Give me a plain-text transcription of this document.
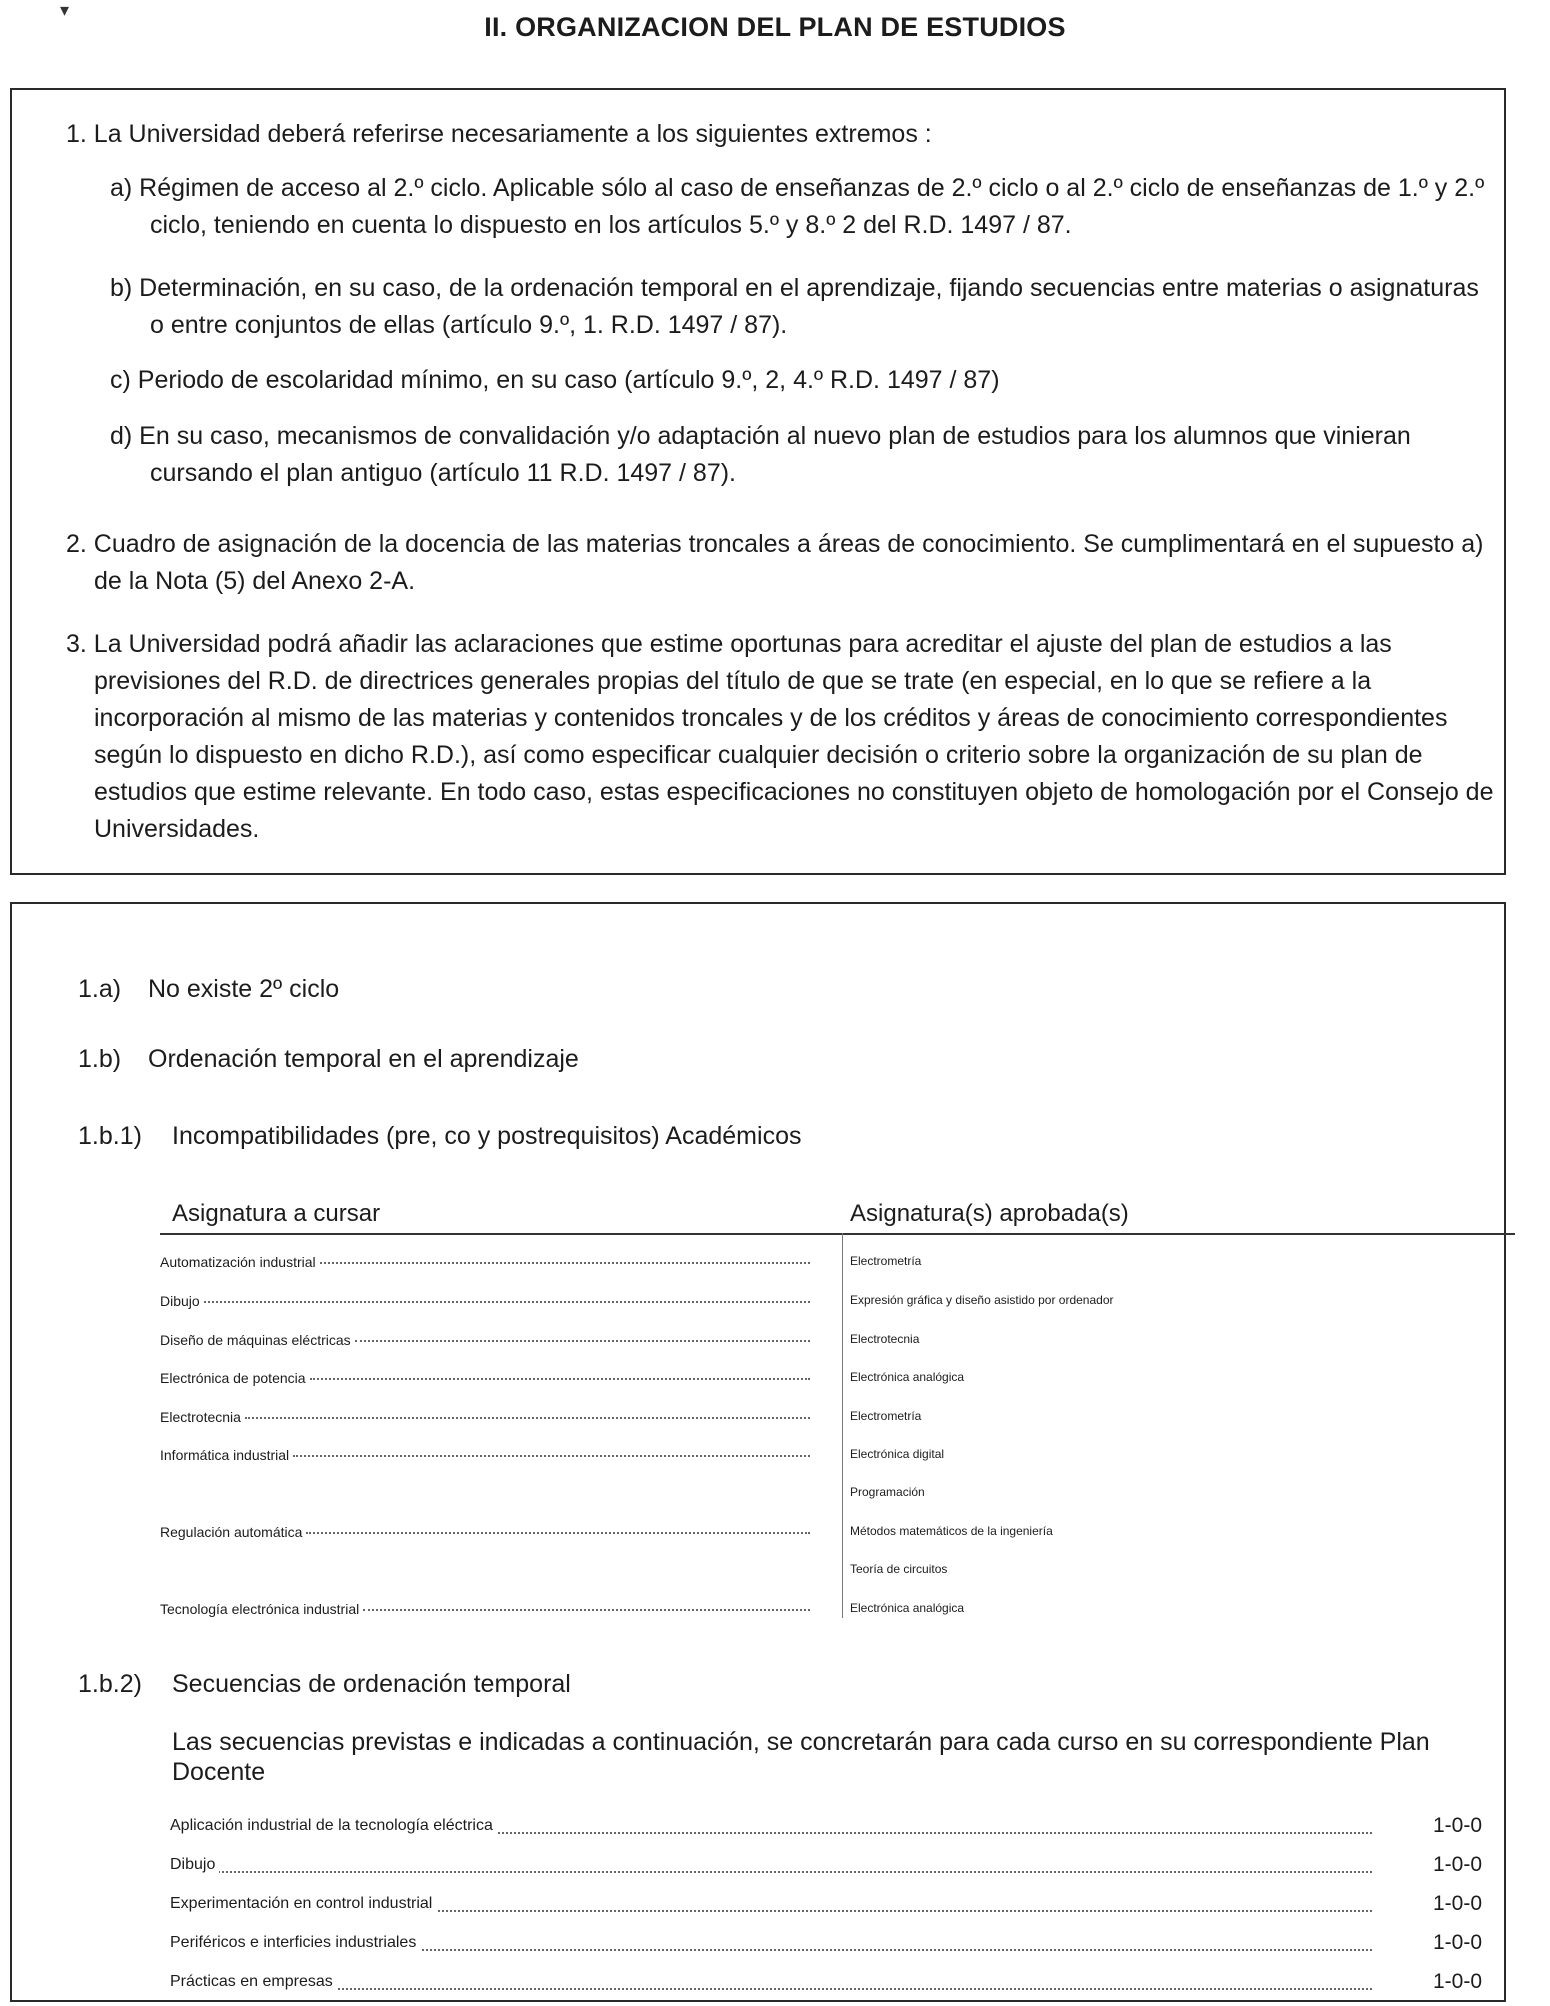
▾
II. ORGANIZACION DEL PLAN DE ESTUDIOS
1. La Universidad deberá referirse necesariamente a los siguientes extremos :
a) Régimen de acceso al 2.º ciclo. Aplicable sólo al caso de enseñanzas de 2.º ciclo o al 2.º ciclo de enseñanzas de 1.º y 2.º ciclo, teniendo en cuenta lo dispuesto en los artículos 5.º y 8.º 2 del R.D. 1497 / 87.
b) Determinación, en su caso, de la ordenación temporal en el aprendizaje, fijando secuencias entre materias o asignaturas o entre conjuntos de ellas (artículo 9.º, 1. R.D. 1497 / 87).
c) Periodo de escolaridad mínimo, en su caso (artículo 9.º, 2, 4.º R.D. 1497 / 87)
d) En su caso, mecanismos de convalidación y/o adaptación al nuevo plan de estudios para los alumnos que vinieran cursando el plan antiguo (artículo 11 R.D. 1497 / 87).
2. Cuadro de asignación de la docencia de las materias troncales a áreas de conocimiento. Se cumplimentará en el supuesto a) de la Nota (5) del Anexo 2-A.
3. La Universidad podrá añadir las aclaraciones que estime oportunas para acreditar el ajuste del plan de estudios a las previsiones del R.D. de directrices generales propias del título de que se trate (en especial, en lo que se refiere a la incorporación al mismo de las materias y contenidos troncales y de los créditos y áreas de conocimiento correspondientes según lo dispuesto en dicho R.D.), así como especificar cualquier decisión o criterio sobre la organización de su plan de estudios que estime relevante. En todo caso, estas especificaciones no constituyen objeto de homologación por el Consejo de Universidades.
1.a) No existe 2º ciclo
1.b) Ordenación temporal en el aprendizaje
1.b.1) Incompatibilidades (pre, co y postrequisitos) Académicos
Asignatura a cursar	Asignatura(s) aprobada(s)
Automatización industrial	Electrometría
Dibujo	Expresión gráfica y diseño asistido por ordenador
Diseño de máquinas eléctricas	Electrotecnia
Electrónica de potencia	Electrónica analógica
Electrotecnia	Electrometría
Informática industrial	Electrónica digital
Programación
Regulación automática	Métodos matemáticos de la ingeniería
Teoría de circuitos
Tecnología electrónica industrial	Electrónica analógica
1.b.2) Secuencias de ordenación temporal
Las secuencias previstas e indicadas a continuación, se concretarán para cada curso en su correspondiente Plan Docente
Aplicación industrial de la tecnología eléctrica	1-0-0
Dibujo	1-0-0
Experimentación en control industrial	1-0-0
Periféricos e interficies industriales	1-0-0
Prácticas en empresas	1-0-0
